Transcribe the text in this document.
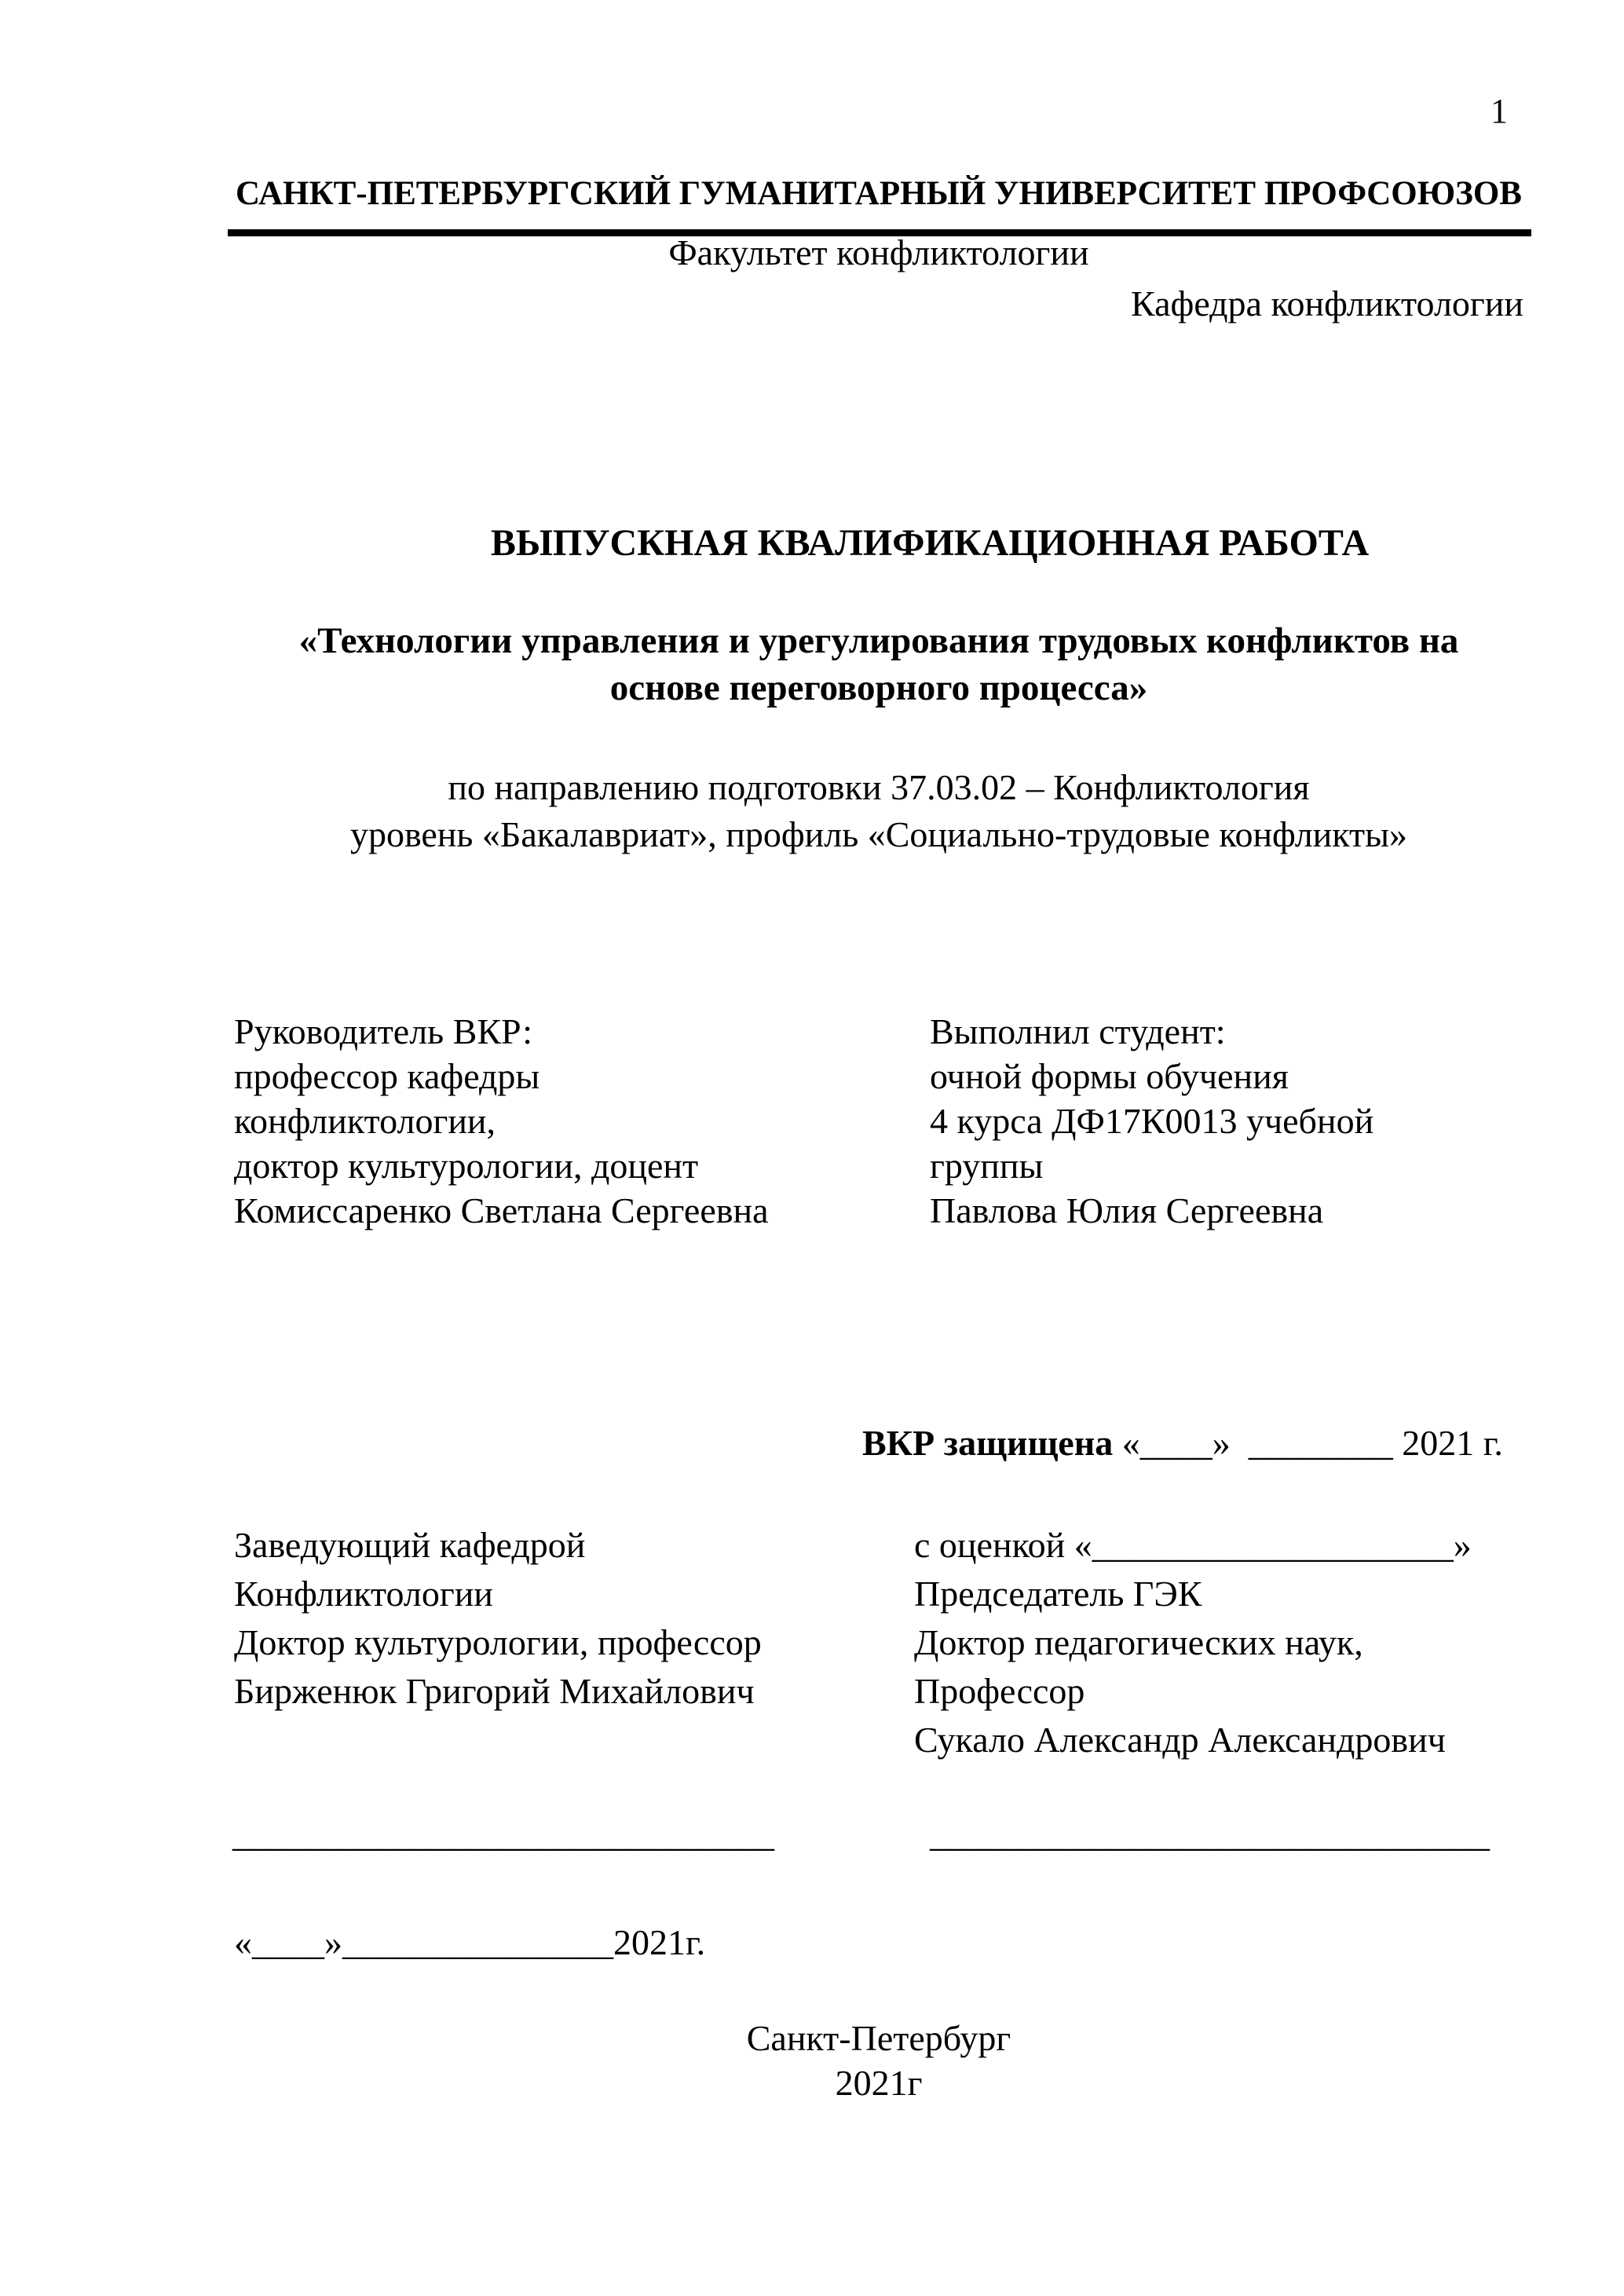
1
САНКТ-ПЕТЕРБУРГСКИЙ ГУМАНИТАРНЫЙ УНИВЕРСИТЕТ ПРОФСОЮЗОВ
Факультет конфликтологии
Кафедра конфликтологии
ВЫПУСКНАЯ КВАЛИФИКАЦИОННАЯ РАБОТА
«Технологии управления и урегулирования трудовых конфликтов на
основе переговорного процесса»
по направлению подготовки 37.03.02 – Конфликтология
уровень «Бакалавриат», профиль «Социально-трудовые конфликты»
Руководитель ВКР:
профессор кафедры
конфликтологии,
доктор культурологии, доцент
Комиссаренко Светлана Сергеевна
Выполнил студент:
очной формы обучения
4 курса ДФ17К0013 учебной
группы
Павлова Юлия Сергеевна

ВКР защищена «____»  ________ 2021 г.

Заведующий кафедрой
Конфликтологии
Доктор культурологии, профессор
Бирженюк Григорий Михайлович
с оценкой «____________________»
Председатель ГЭК
Доктор педагогических наук,
Профессор
Сукало Александр Александрович
______________________________	_______________________________
«____»_______________2021г.
Санкт-Петербург
2021г
